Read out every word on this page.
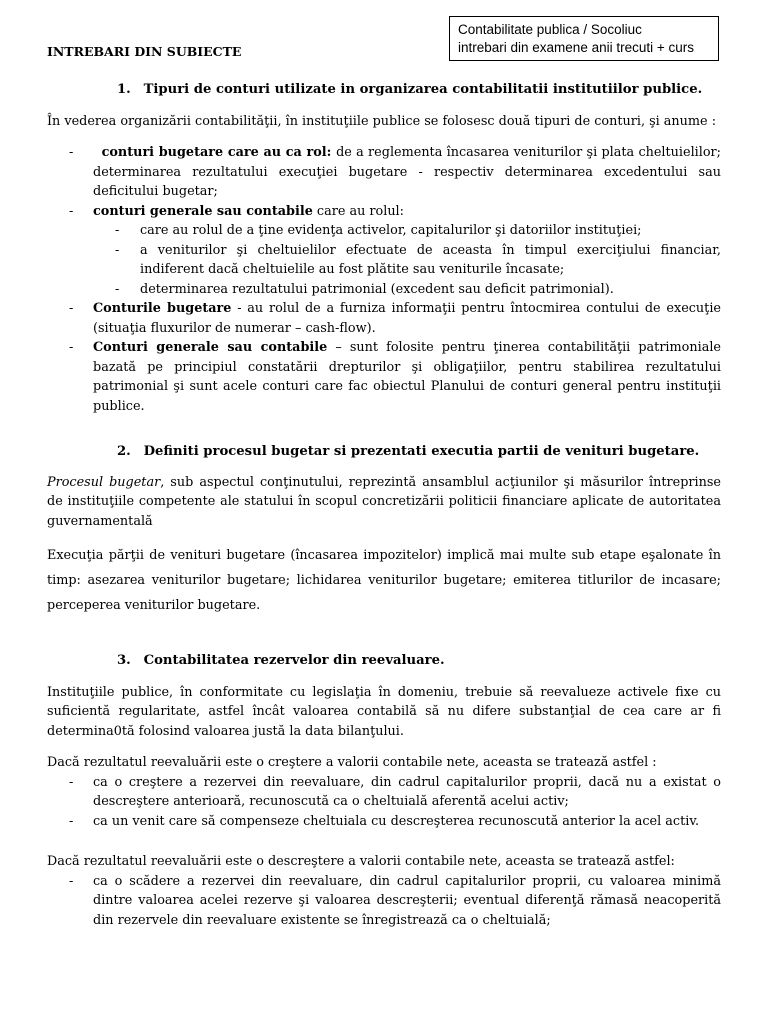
Contabilitate publica / Socoliuc
intrebari din examene anii trecuti + curs
INTREBARI DIN SUBIECTE
1. Tipuri de conturi utilizate in organizarea contabilitatii institutiilor publice.

În vederea organizării contabilităţii, în instituţiile publice se folosesc două tipuri de conturi, şi anume :

- conturi bugetare care au ca rol: de a reglementa încasarea veniturilor şi plata cheltuielilor; determinarea rezultatului execuţiei bugetare - respectiv determinarea excedentului sau deficitului bugetar;
- conturi generale sau contabile care au rolul:
- care au rolul de a ţine evidenţa activelor, capitalurilor şi datoriilor instituţiei;
- a veniturilor şi cheltuielilor efectuate de aceasta în timpul exerciţiului financiar, indiferent dacă cheltuielile au fost plătite sau veniturile încasate;
- determinarea rezultatului patrimonial (excedent sau deficit patrimonial).
- Conturile bugetare - au rolul de a furniza informaţii pentru întocmirea contului de execuţie (situaţia fluxurilor de numerar – cash-flow).
- Conturi generale sau contabile – sunt folosite pentru ţinerea contabilităţii patrimoniale bazată pe principiul constatării drepturilor şi obligaţiilor, pentru stabilirea rezultatului patrimonial şi sunt acele conturi care fac obiectul Planului de conturi general pentru instituţii publice.
2. Definiti procesul bugetar si prezentati executia partii de venituri bugetare.

Procesul bugetar, sub aspectul conţinutului, reprezintă ansamblul acţiunilor şi măsurilor întreprinse de instituţiile competente ale statului în scopul concretizării politicii financiare aplicate de autoritatea guvernamentală

Execuţia părţii de venituri bugetare (încasarea impozitelor) implică mai multe sub etape eşalonate în timp: asezarea veniturilor bugetare; lichidarea veniturilor bugetare; emiterea titlurilor de incasare; perceperea veniturilor bugetare.

3. Contabilitatea rezervelor din reevaluare.

Instituţiile publice, în conformitate cu legislaţia în domeniu, trebuie să reevalueze activele fixe cu suficientă regularitate, astfel încât valoarea contabilă să nu difere substanţial de cea care ar fi determina0tă folosind valoarea justă la data bilanţului.

Dacă rezultatul reevaluării este o creştere a valorii contabile nete, aceasta se tratează astfel :

- ca o creştere a rezervei din reevaluare, din cadrul capitalurilor proprii, dacă nu a existat o descreştere anterioară, recunoscută ca o cheltuială aferentă acelui activ;
- ca un venit care să compenseze cheltuiala cu descreşterea recunoscută anterior la acel activ.

Dacă rezultatul reevaluării este o descreştere a valorii contabile nete, aceasta se tratează astfel:

- ca o scădere a rezervei din reevaluare, din cadrul capitalurilor proprii, cu valoarea minimă dintre valoarea acelei rezerve şi valoarea descreşterii; eventual diferenţă rămasă neacoperită din rezervele din reevaluare existente se înregistrează ca o cheltuială;
